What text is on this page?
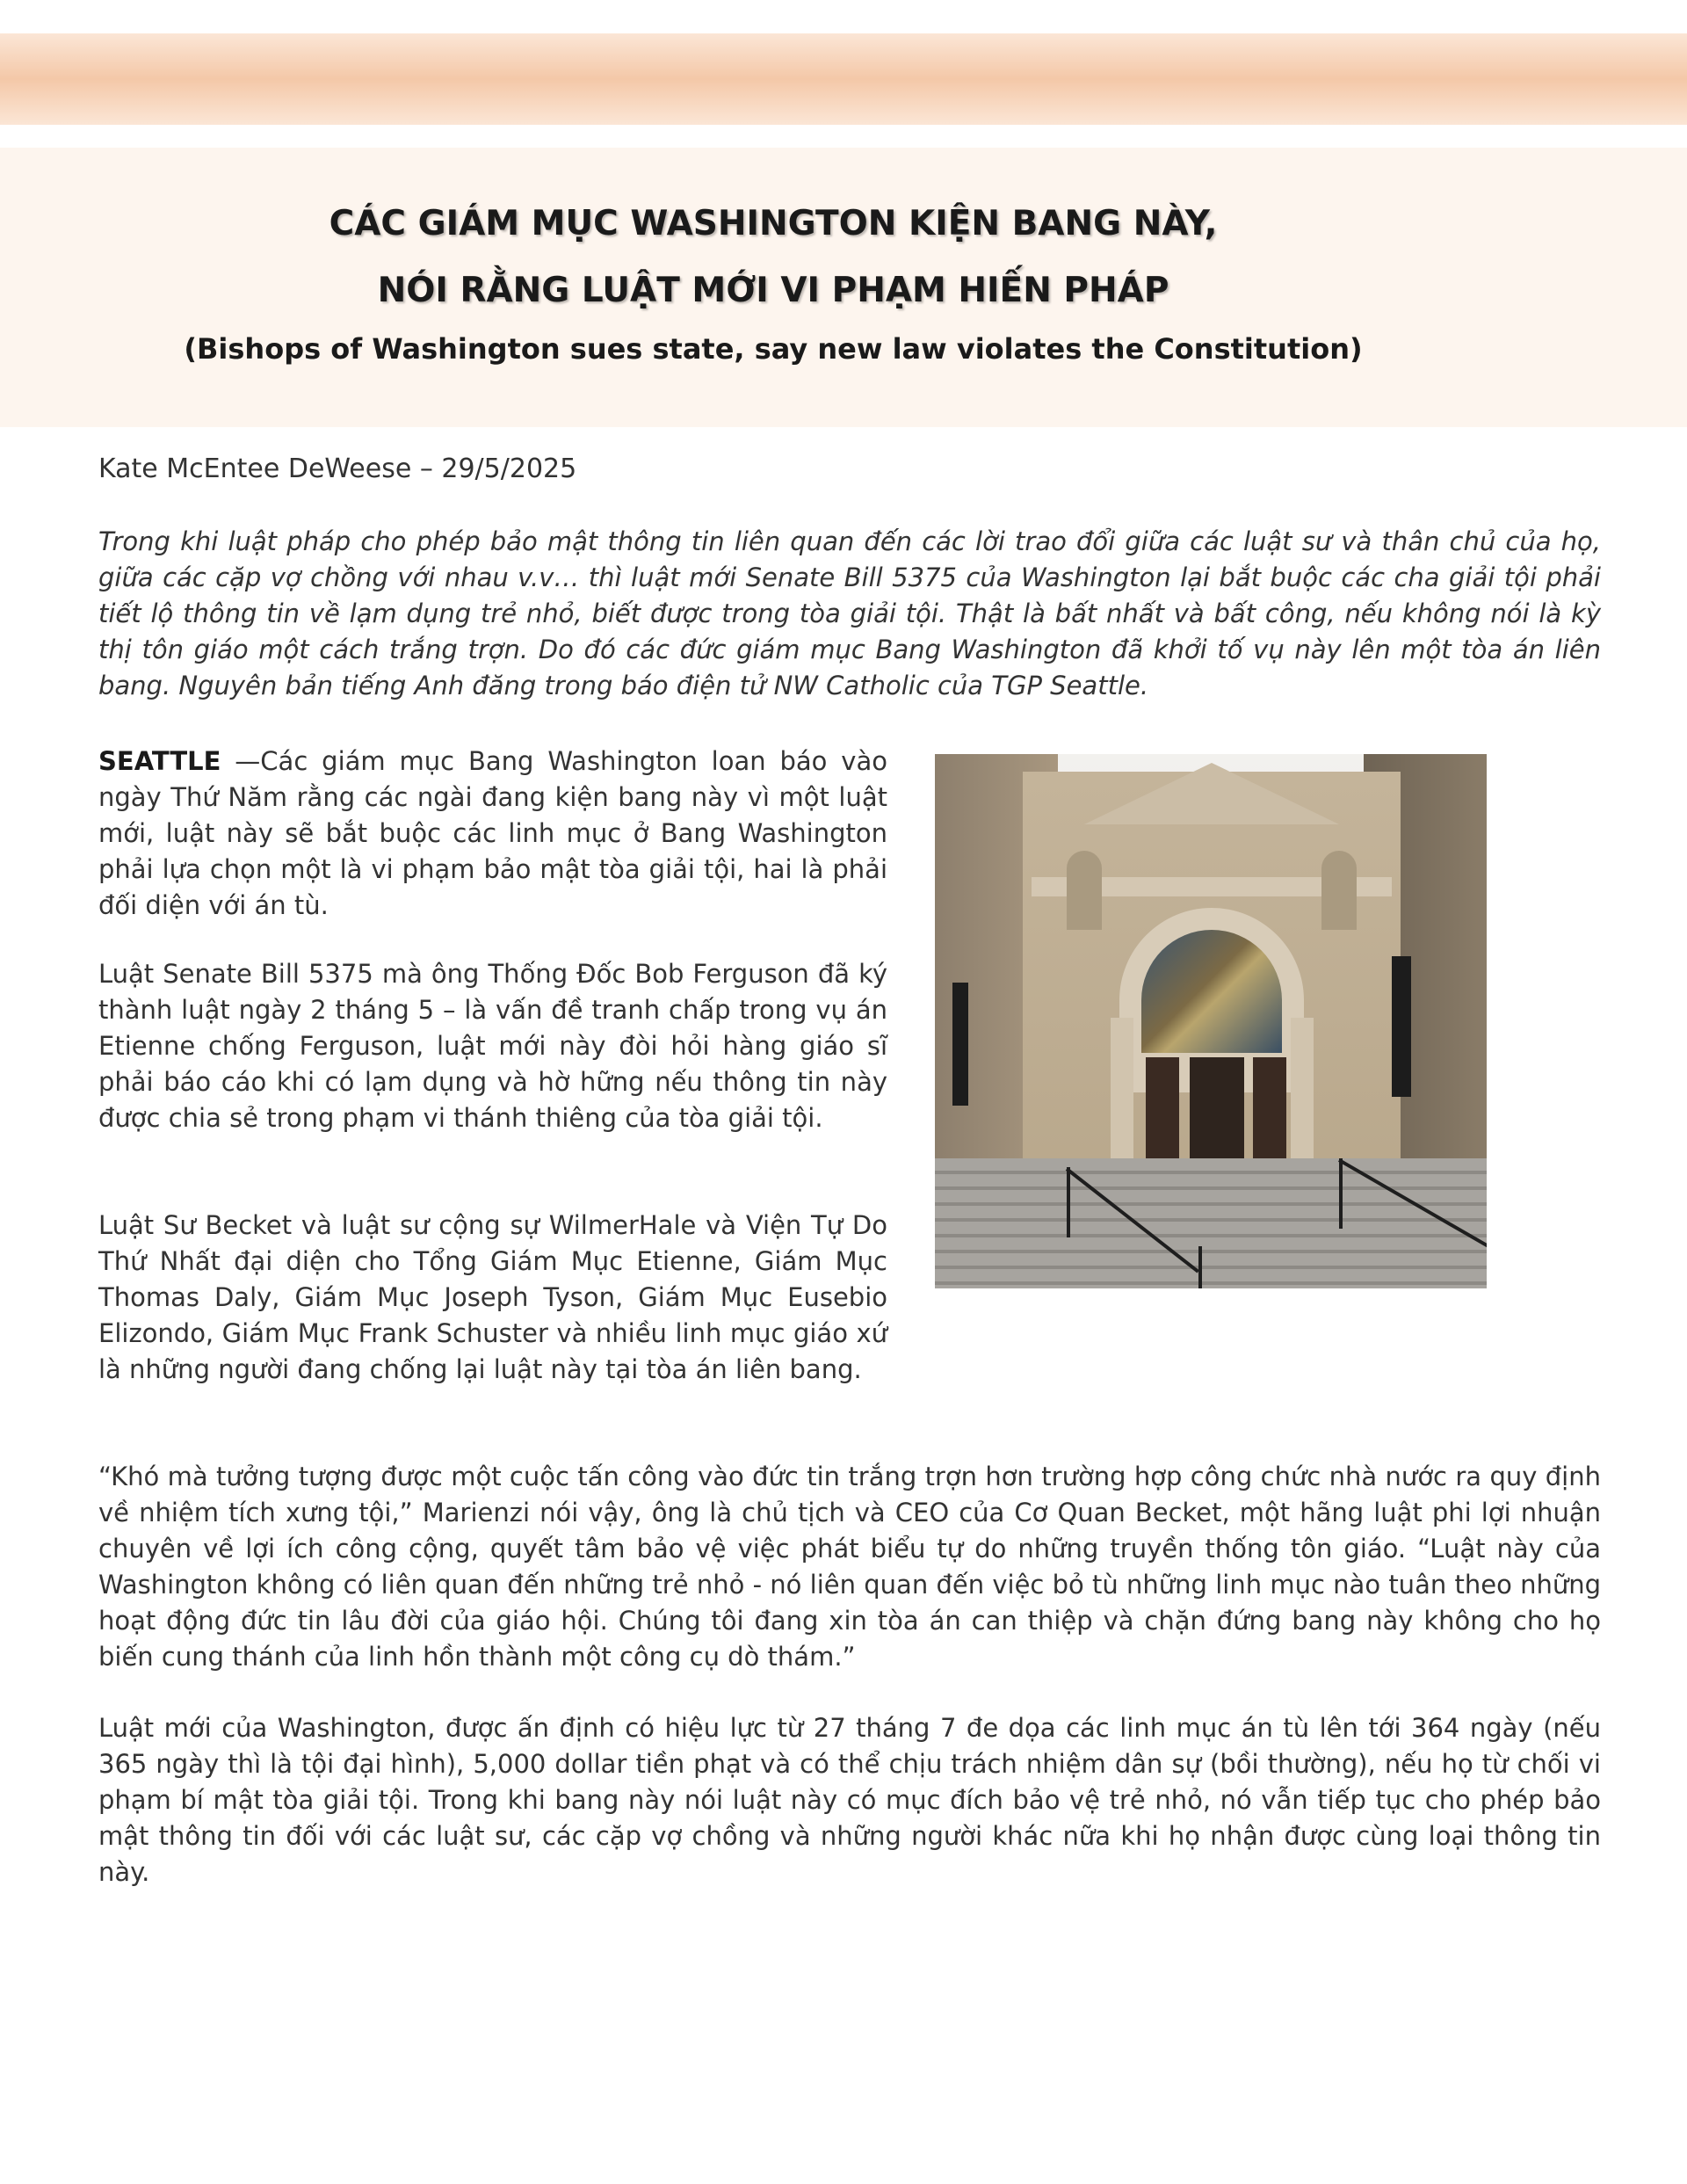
CÁC GIÁM MỤC WASHINGTON KIỆN BANG NÀY,
NÓI RẰNG LUẬT MỚI VI PHẠM HIẾN PHÁP
(Bishops of Washington sues state, say new law violates the Constitution)
Kate McEntee DeWeese – 29/5/2025

Trong khi luật pháp cho phép bảo mật thông tin liên quan đến các lời trao đổi giữa các luật sư và thân chủ của họ, giữa các cặp vợ chồng với nhau v.v… thì luật mới Senate Bill 5375 của Washington lại bắt buộc các cha giải tội phải tiết lộ thông tin về lạm dụng trẻ nhỏ, biết được trong tòa giải tội. Thật là bất nhất và bất công, nếu không nói là kỳ thị tôn giáo một cách trắng trợn. Do đó các đức giám mục Bang Washington đã khởi tố vụ này lên một tòa án liên bang. Nguyên bản tiếng Anh đăng trong báo điện tử NW Catholic của TGP Seattle.

SEATTLE —Các giám mục Bang Washington loan báo vào ngày Thứ Năm rằng các ngài đang kiện bang này vì một luật mới, luật này sẽ bắt buộc các linh mục ở Bang Washington phải lựa chọn một là vi phạm bảo mật tòa giải tội, hai là phải đối diện với án tù.

Luật Senate Bill 5375 mà ông Thống Đốc Bob Ferguson đã ký thành luật ngày 2 tháng 5 – là vấn đề tranh chấp trong vụ án Etienne chống Ferguson, luật mới này đòi hỏi hàng giáo sĩ phải báo cáo khi có lạm dụng và hờ hững nếu thông tin này được chia sẻ trong phạm vi thánh thiêng của tòa giải tội.

Luật Sư Becket và luật sư cộng sự WilmerHale và Viện Tự Do Thứ Nhất đại diện cho Tổng Giám Mục Etienne, Giám Mục Thomas Daly, Giám Mục Joseph Tyson, Giám Mục Eusebio Elizondo, Giám Mục Frank Schuster và nhiều linh mục giáo xứ là những người đang chống lại luật này tại tòa án liên bang.

“Khó mà tưởng tượng được một cuộc tấn công vào đức tin trắng trợn hơn trường hợp công chức nhà nước ra quy định về nhiệm tích xưng tội,” Marienzi nói vậy, ông là chủ tịch và CEO của Cơ Quan Becket, một hãng luật phi lợi nhuận chuyên về lợi ích công cộng, quyết tâm bảo vệ việc phát biểu tự do những truyền thống tôn giáo. “Luật này của Washington không có liên quan đến những trẻ nhỏ - nó liên quan đến việc bỏ tù những linh mục nào tuân theo những hoạt động đức tin lâu đời của giáo hội. Chúng tôi đang xin tòa án can thiệp và chặn đứng bang này không cho họ biến cung thánh của linh hồn thành một công cụ dò thám.”

Luật mới của Washington, được ấn định có hiệu lực từ 27 tháng 7 đe dọa các linh mục án tù lên tới 364 ngày (nếu 365 ngày thì là tội đại hình), 5,000 dollar tiền phạt và có thể chịu trách nhiệm dân sự (bồi thường), nếu họ từ chối vi phạm bí mật tòa giải tội. Trong khi bang này nói luật này có mục đích bảo vệ trẻ nhỏ, nó vẫn tiếp tục cho phép bảo mật thông tin đối với các luật sư, các cặp vợ chồng và những người khác nữa khi họ nhận được cùng loại thông tin này.
